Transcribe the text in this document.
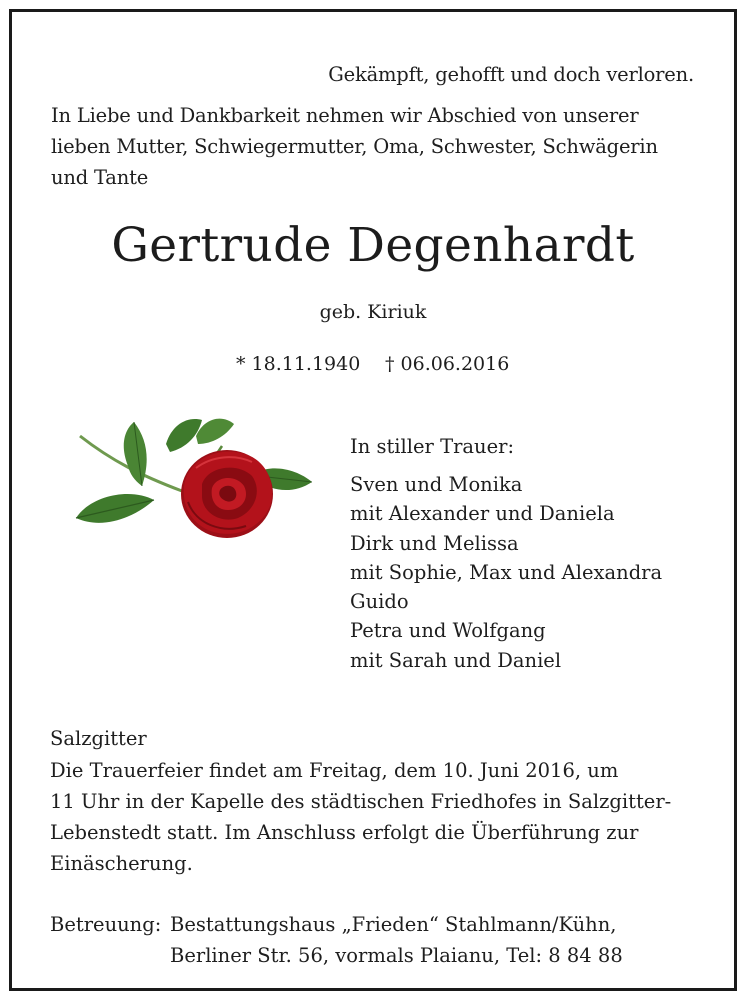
Gekämpft, gehofft und doch verloren.
In Liebe und Dankbarkeit nehmen wir Abschied von unserer
lieben Mutter, Schwiegermutter, Oma, Schwester, Schwägerin
und Tante
Gertrude Degenhardt
geb. Kiriuk
* 18.11.1940 † 06.06.2016
In stiller Trauer:
Sven und Monika
mit Alexander und Daniela
Dirk und Melissa
mit Sophie, Max und Alexandra
Guido
Petra und Wolfgang
mit Sarah und Daniel
Salzgitter
Die Trauerfeier findet am Freitag, dem 10. Juni 2016, um
11 Uhr in der Kapelle des städtischen Friedhofes in Salzgitter-
Lebenstedt statt. Im Anschluss erfolgt die Überführung zur
Einäscherung.
Betreuung: Bestattungshaus „Frieden“ Stahlmann/Kühn,
Berliner Str. 56, vormals Plaianu, Tel: 8 84 88
